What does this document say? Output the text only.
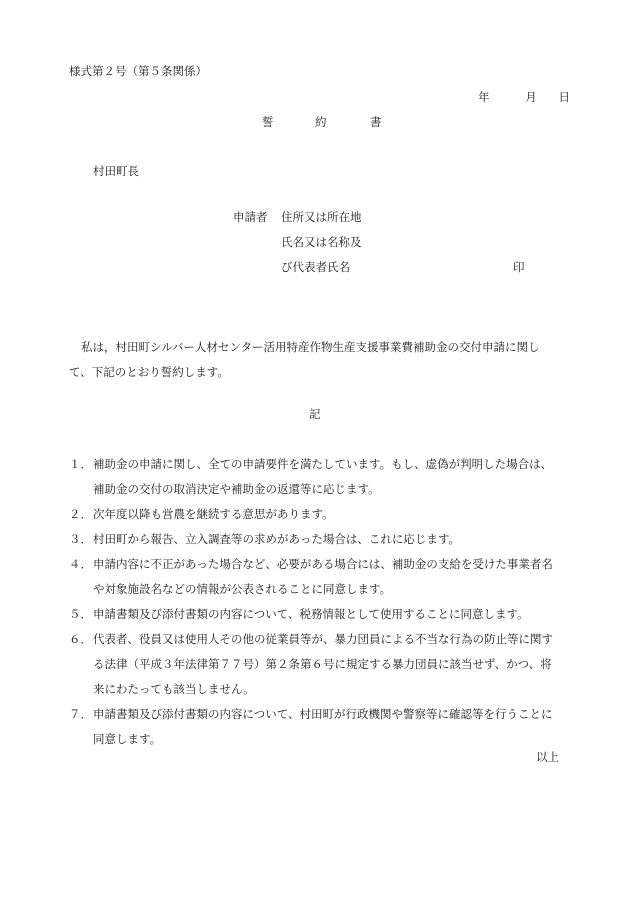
様式第２号（第５条関係）
年	月 日
誓	約	書
村田町長
申請者 住所又は所在地
氏名又は名称及
び代表者氏名	印
私は，村田町シルバー人材センター活用特産作物生産支援事業費補助金の交付申請に関して、下記のとおり誓約します。
記
１． 補助金の申請に関し、全ての申請要件を満たしています。もし、虚偽が判明した場合は、補助金の交付の取消決定や補助金の返還等に応じます。
２． 次年度以降も営農を継続する意思があります。
３． 村田町から報告、立入調査等の求めがあった場合は、これに応じます。
４． 申請内容に不正があった場合など、必要がある場合には、補助金の支給を受けた事業者名や対象施設名などの情報が公表されることに同意します。
５． 申請書類及び添付書類の内容について、税務情報として使用することに同意します。
６． 代表者、役員又は使用人その他の従業員等が、暴力団員による不当な行為の防止等に関する法律（平成３年法律第７７号）第２条第６号に規定する暴力団員に該当せず、かつ、将来にわたっても該当しません。
７． 申請書類及び添付書類の内容について、村田町が行政機関や警察等に確認等を行うことに同意します。
以上
